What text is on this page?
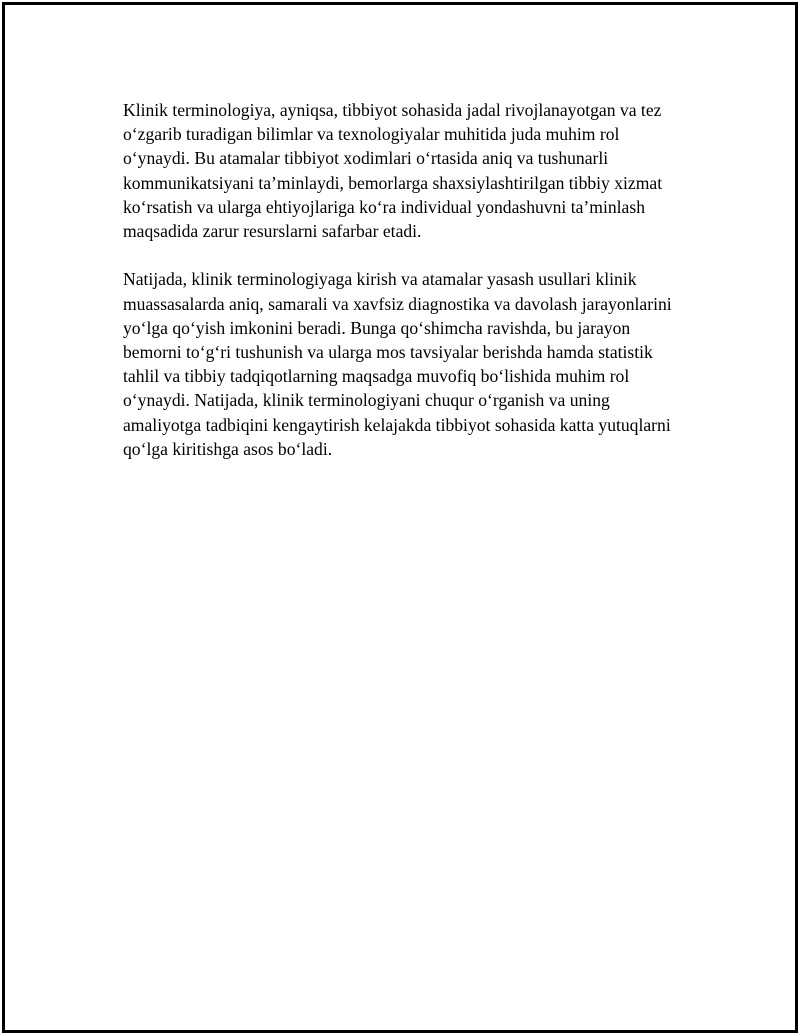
Klinik terminologiya, ayniqsa, tibbiyot sohasida jadal rivojlanayotgan va tez oʻzgarib turadigan bilimlar va texnologiyalar muhitida juda muhim rol oʻynaydi. Bu atamalar tibbiyot xodimlari oʻrtasida aniq va tushunarli kommunikatsiyani taʼminlaydi, bemorlarga shaxsiylashtirilgan tibbiy xizmat koʻrsatish va ularga ehtiyojlariga koʻra individual yondashuvni taʼminlash maqsadida zarur resurslarni safarbar etadi.

Natijada, klinik terminologiyaga kirish va atamalar yasash usullari klinik muassasalarda aniq, samarali va xavfsiz diagnostika va davolash jarayonlarini yoʻlga qoʻyish imkonini beradi. Bunga qoʻshimcha ravishda, bu jarayon bemorni toʻgʻri tushunish va ularga mos tavsiyalar berishda hamda statistik tahlil va tibbiy tadqiqotlarning maqsadga muvofiq boʻlishida muhim rol oʻynaydi. Natijada, klinik terminologiyani chuqur oʻrganish va uning amaliyotga tadbiqini kengaytirish kelajakda tibbiyot sohasida katta yutuqlarni qoʻlga kiritishga asos boʻladi.
